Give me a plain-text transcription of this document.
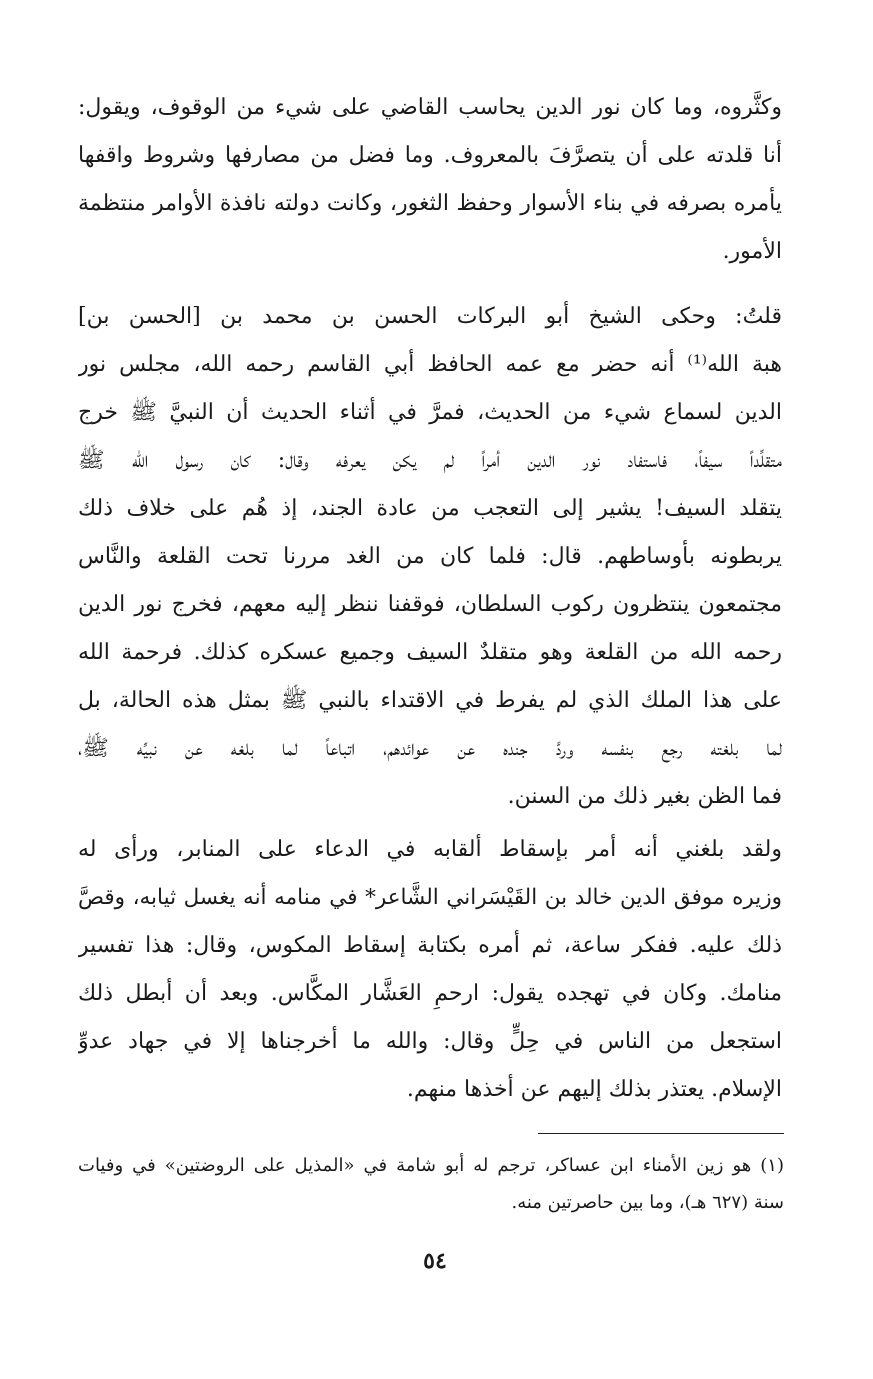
وكثَّروه، وما كان نور الدين يحاسب القاضي على شيء من الوقوف، ويقول:
أنا قلدته على أن يتصرَّفَ بالمعروف. وما فضل من مصارفها وشروط واقفها
يأمره بصرفه في بناء الأسوار وحفظ الثغور، وكانت دولته نافذة الأوامر منتظمة
الأمور.
قلتُ: وحكى الشيخ أبو البركات الحسن بن محمد بن [الحسن بن]
هبة الله⁽¹⁾ أنه حضر مع عمه الحافظ أبي القاسم رحمه الله، مجلس نور
الدين لسماع شيء من الحديث، فمرَّ في أثناء الحديث أن النبيَّ ﷺ خرج
متقلِّداً سيفاً، فاستفاد نور الدين أمراً لم يكن يعرفه وقال: كان رسول الله ﷺ
يتقلد السيف! يشير إلى التعجب من عادة الجند، إذ هُم على خلاف ذلك
يربطونه بأوساطهم. قال: فلما كان من الغد مررنا تحت القلعة والنَّاس
مجتمعون ينتظرون ركوب السلطان، فوقفنا ننظر إليه معهم، فخرج نور الدين
رحمه الله من القلعة وهو متقلدٌ السيف وجميع عسكره كذلك. فرحمة الله
على هذا الملك الذي لم يفرط في الاقتداء بالنبي ﷺ بمثل هذه الحالة، بل
لما بلغته رجع بنفسه وردَّ جنده عن عوائدهم، اتباعاً لما بلغه عن نبيِّه ﷺ،
فما الظن بغير ذلك من السنن.
ولقد بلغني أنه أمر بإسقاط ألقابه في الدعاء على المنابر، ورأى له
وزيره موفق الدين خالد بن القَيْسَراني الشَّاعر* في منامه أنه يغسل ثيابه، وقصَّ
ذلك عليه. ففكر ساعة، ثم أمره بكتابة إسقاط المكوس، وقال: هذا تفسير
منامك. وكان في تهجده يقول: ارحمِ العَشَّار المكَّاس. وبعد أن أبطل ذلك
استجعل من الناس في حِلٍّ وقال: والله ما أخرجناها إلا في جهاد عدوِّ
الإسلام. يعتذر بذلك إليهم عن أخذها منهم.
(١) هو زين الأمناء ابن عساكر، ترجم له أبو شامة في «المذيل على الروضتين» في وفيات
سنة (٦٢٧ هـ)، وما بين حاصرتين منه.
٥٤
